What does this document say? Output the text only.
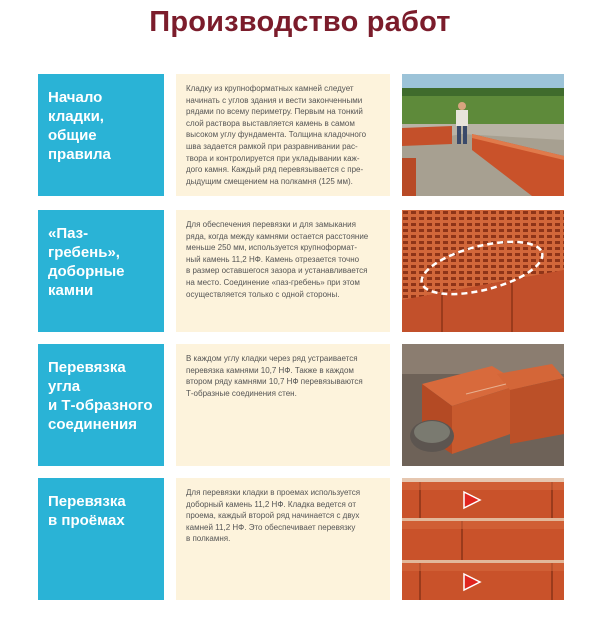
Производство работ
Начало
кладки,
общие
правила
Кладку из крупноформатных камней следует
начинать с углов здания и вести законченными
рядами по всему периметру. Первым на тонкий
слой раствора выставляется камень в самом
высоком углу фундамента. Толщина кладочного
шва задается рамкой при разравнивании рас-
твора и контролируется при укладывании каж-
дого камня. Каждый ряд перевязывается с пре-
дыдущим смещением на полкамня (125 мм).
«Паз-
гребень»,
доборные
камни
Для обеспечения перевязки и для замыкания
ряда, когда между камнями остается расстояние
меньше 250 мм, используется крупноформат-
ный камень 11,2 НФ. Камень отрезается точно
в размер оставшегося зазора и устанавливается
на место. Соединение «паз-гребень» при этом
осуществляется только с одной стороны.
Перевязка
угла
и Т-образного
соединения
В каждом углу кладки через ряд устраивается
перевязка камнями 10,7 НФ. Также в каждом
втором ряду камнями 10,7 НФ перевязываются
Т-образные соединения стен.
Перевязка
в проёмах
Для перевязки кладки в проемах используется
доборный камень 11,2 НФ. Кладка ведется от
проема, каждый второй ряд начинается с двух
камней 11,2 НФ. Это обеспечивает перевязку
в полкамня.
